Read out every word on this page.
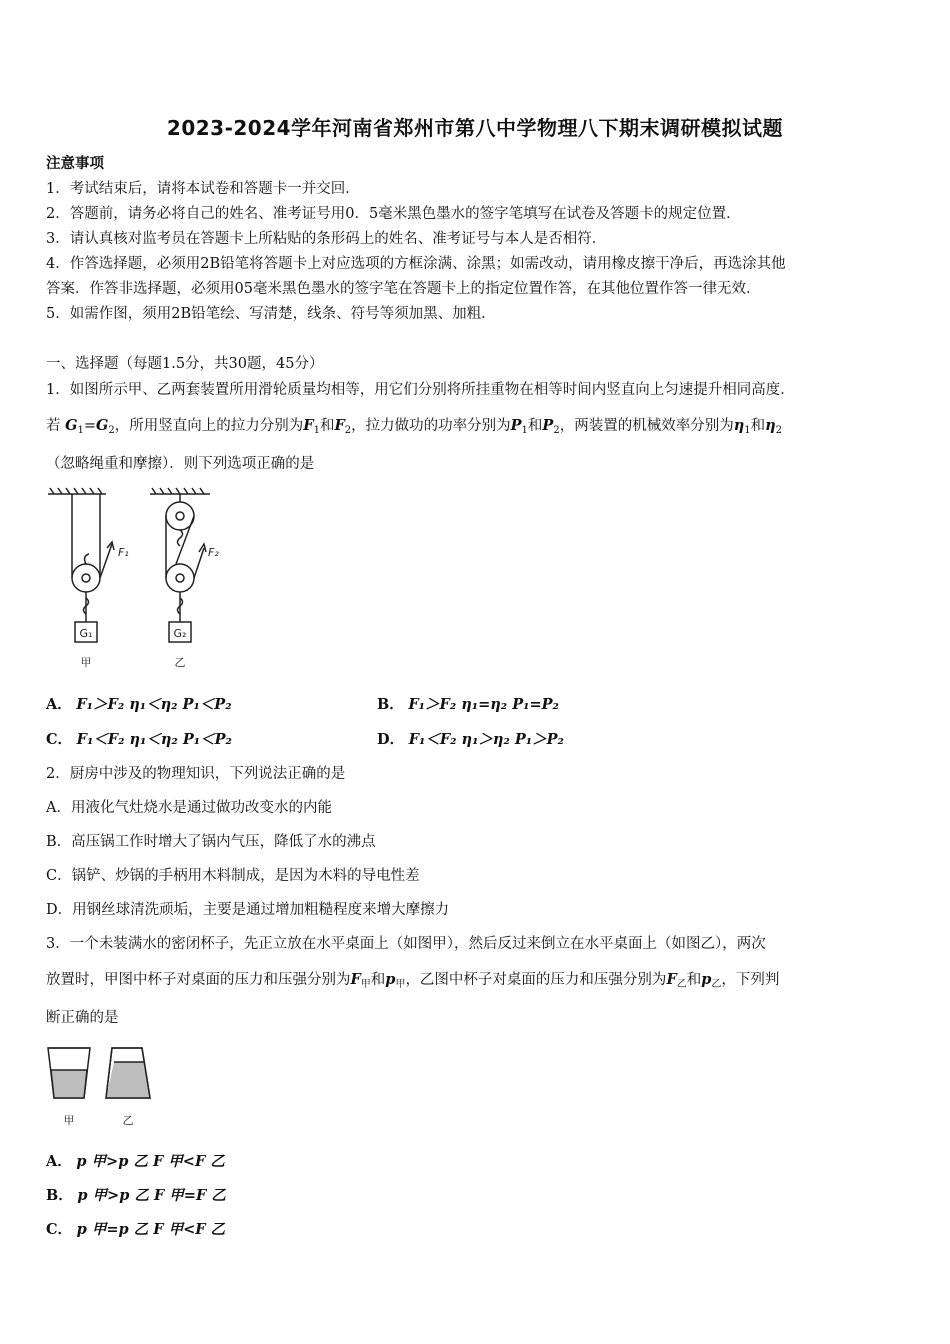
2023-2024学年河南省郑州市第八中学物理八下期末调研模拟试题
注意事项
1．考试结束后，请将本试卷和答题卡一并交回．
2．答题前，请务必将自己的姓名、准考证号用0．5毫米黑色墨水的签字笔填写在试卷及答题卡的规定位置．
3．请认真核对监考员在答题卡上所粘贴的条形码上的姓名、准考证号与本人是否相符．
4．作答选择题，必须用2B铅笔将答题卡上对应选项的方框涂满、涂黑；如需改动，请用橡皮擦干净后，再选涂其他
答案．作答非选择题，必须用05毫米黑色墨水的签字笔在答题卡上的指定位置作答，在其他位置作答一律无效．
5．如需作图，须用2B铅笔绘、写清楚，线条、符号等须加黑、加粗．
一、选择题（每题1.5分，共30题，45分）
1．如图所示甲、乙两套装置所用滑轮质量均相等，用它们分别将所挂重物在相等时间内竖直向上匀速提升相同高度．
若 $G_1=G_2$，所用竖直向上的拉力分别为$F_1$和$F_2$，拉力做功的功率分别为$P_1$和$P_2$，两装置的机械效率分别为$\eta_1$和$\eta_2$
（忽略绳重和摩擦）．则下列选项正确的是
F₁	F₂
G₁	G₂
甲	乙
A． F₁＞F₂ η₁＜η₂ P₁＜P₂	B． F₁＞F₂ η₁=η₂ P₁=P₂
C． F₁＜F₂ η₁＜η₂ P₁＜P₂	D． F₁＜F₂ η₁＞η₂ P₁＞P₂
2．厨房中涉及的物理知识，下列说法正确的是
A．用液化气灶烧水是通过做功改变水的内能
B．高压锅工作时增大了锅内气压，降低了水的沸点
C．锅铲、炒锅的手柄用木料制成，是因为木料的导电性差
D．用钢丝球清洗顽垢，主要是通过增加粗糙程度来增大摩擦力
3．一个未装满水的密闭杯子，先正立放在水平桌面上（如图甲），然后反过来倒立在水平桌面上（如图乙），两次
放置时，甲图中杯子对桌面的压力和压强分别为$F_甲$和$p_甲$，乙图中杯子对桌面的压力和压强分别为$F_乙$和$p_乙$，下列判
断正确的是
甲	乙
A． p 甲>p 乙 F 甲<F 乙
B． p 甲>p 乙 F 甲=F 乙
C． p 甲=p 乙 F 甲<F 乙
